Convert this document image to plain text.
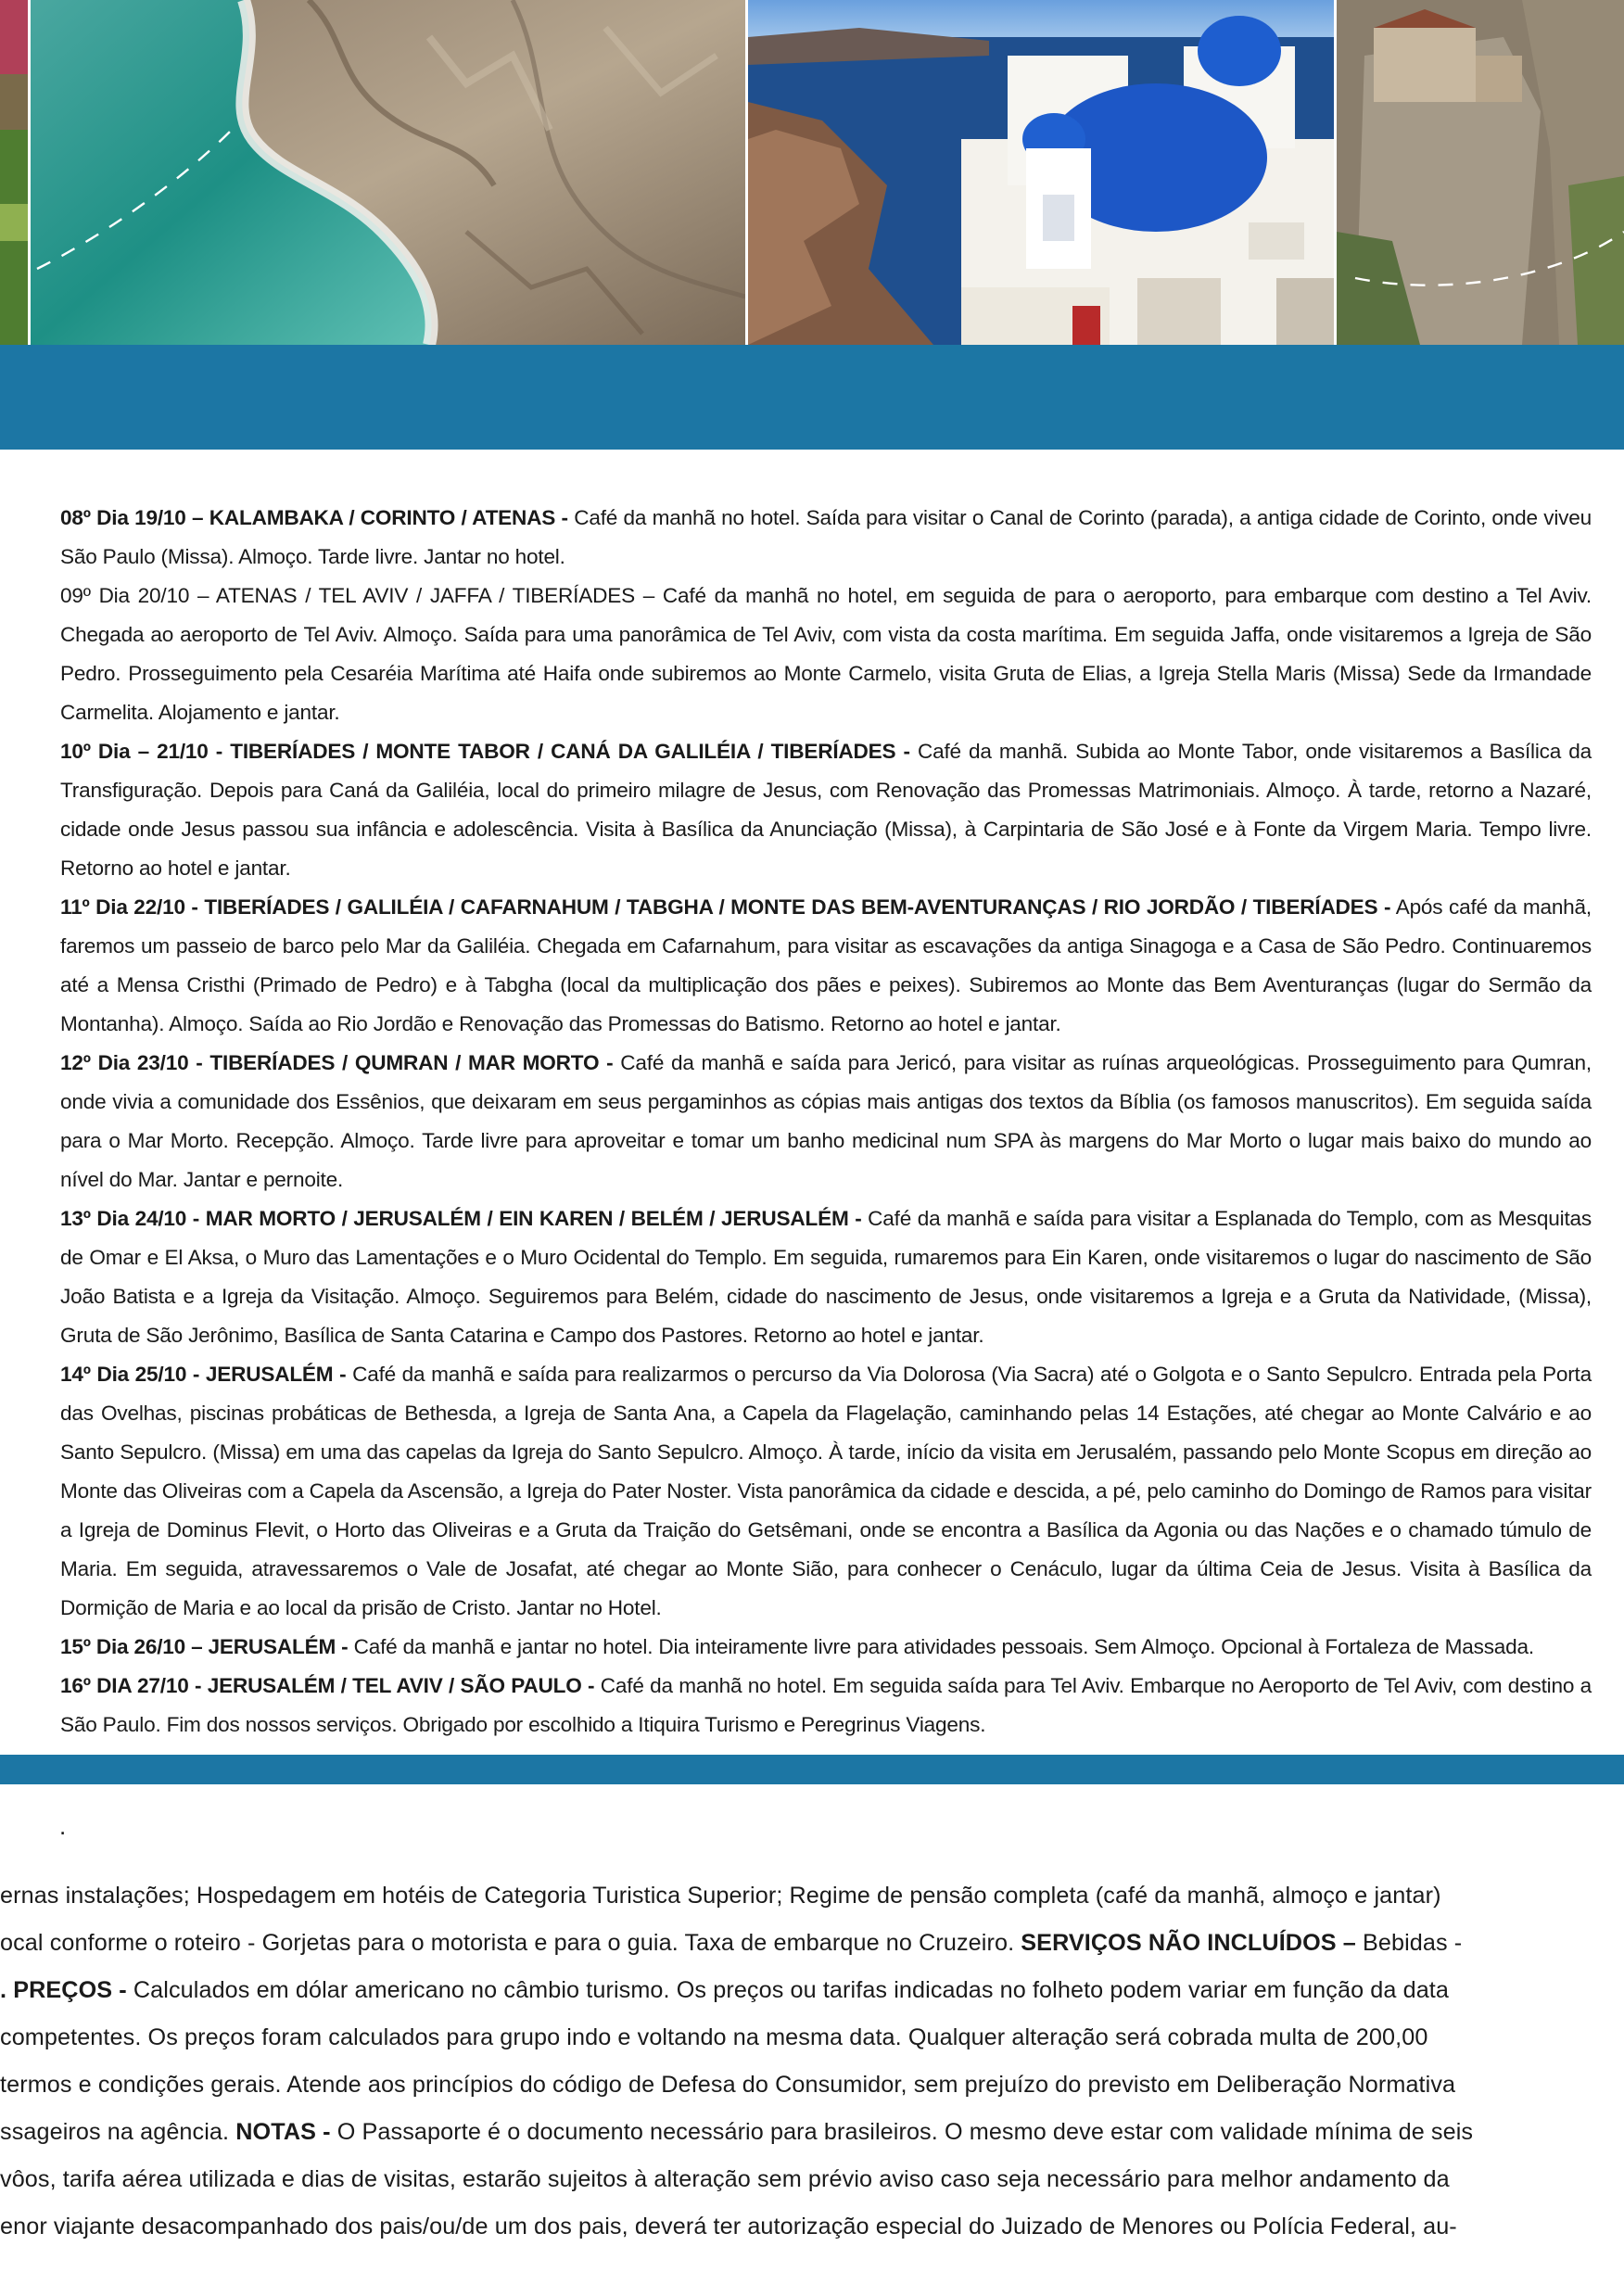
08º Dia 19/10 – KALAMBAKA / CORINTO / ATENAS - Café da manhã no hotel. Saída para visitar o Canal de Corinto (parada), a antiga cidade de Corinto, onde viveu São Paulo (Missa). Almoço. Tarde livre. Jantar no hotel.

09º Dia 20/10 – ATENAS / TEL AVIV / JAFFA / TIBERÍADES – Café da manhã no hotel, em seguida de para o aeroporto, para embarque com destino a Tel Aviv. Chegada ao aeroporto de Tel Aviv. Almoço. Saída para uma panorâmica de Tel Aviv, com vista da costa marítima. Em seguida Jaffa, onde visitaremos a Igreja de São Pedro. Prosseguimento pela Cesaréia Marítima até Haifa onde subiremos ao Monte Carmelo, visita Gruta de Elias, a Igreja Stella Maris (Missa) Sede da Irmandade Carmelita. Alojamento e jantar.

10º Dia – 21/10 - TIBERÍADES / MONTE TABOR / CANÁ DA GALILÉIA / TIBERÍADES - Café da manhã. Subida ao Monte Tabor, onde visitaremos a Basílica da Transfiguração. Depois para Caná da Galiléia, local do primeiro milagre de Jesus, com Renovação das Promessas Matrimoniais. Almoço. À tarde, retorno a Nazaré, cidade onde Jesus passou sua infância e adolescência. Visita à Basílica da Anunciação (Missa), à Carpintaria de São José e à Fonte da Virgem Maria. Tempo livre. Retorno ao hotel e jantar.

11º Dia 22/10 - TIBERÍADES / GALILÉIA / CAFARNAHUM / TABGHA / MONTE DAS BEM-AVENTURANÇAS / RIO JORDÃO / TIBERÍADES - Após café da manhã, faremos um passeio de barco pelo Mar da Galiléia. Chegada em Cafarnahum, para visitar as escavações da antiga Sinagoga e a Casa de São Pedro. Continuaremos até a Mensa Cristhi (Primado de Pedro) e à Tabgha (local da multiplicação dos pães e peixes). Subiremos ao Monte das Bem Aventuranças (lugar do Sermão da Montanha). Almoço. Saída ao Rio Jordão e Renovação das Promessas do Batismo. Retorno ao hotel e jantar.

12º Dia 23/10 - TIBERÍADES / QUMRAN / MAR MORTO - Café da manhã e saída para Jericó, para visitar as ruínas arqueológicas. Prosseguimento para Qumran, onde vivia a comunidade dos Essênios, que deixaram em seus pergaminhos as cópias mais antigas dos textos da Bíblia (os famosos manuscritos). Em seguida saída para o Mar Morto. Recepção. Almoço. Tarde livre para aproveitar e tomar um banho medicinal num SPA às margens do Mar Morto o lugar mais baixo do mundo ao nível do Mar. Jantar e pernoite.

13º Dia 24/10 - MAR MORTO / JERUSALÉM / EIN KAREN / BELÉM / JERUSALÉM - Café da manhã e saída para visitar a Esplanada do Templo, com as Mesquitas de Omar e El Aksa, o Muro das Lamentações e o Muro Ocidental do Templo. Em seguida, rumaremos para Ein Karen, onde visitaremos o lugar do nascimento de São João Batista e a Igreja da Visitação. Almoço. Seguiremos para Belém, cidade do nascimento de Jesus, onde visitaremos a Igreja e a Gruta da Natividade, (Missa), Gruta de São Jerônimo, Basílica de Santa Catarina e Campo dos Pastores. Retorno ao hotel e jantar.

14º Dia 25/10 - JERUSALÉM - Café da manhã e saída para realizarmos o percurso da Via Dolorosa (Via Sacra) até o Golgota e o Santo Sepulcro. Entrada pela Porta das Ovelhas, piscinas probáticas de Bethesda, a Igreja de Santa Ana, a Capela da Flagelação, caminhando pelas 14 Estações, até chegar ao Monte Calvário e ao Santo Sepulcro. (Missa) em uma das capelas da Igreja do Santo Sepulcro. Almoço. À tarde, início da visita em Jerusalém, passando pelo Monte Scopus em direção ao Monte das Oliveiras com a Capela da Ascensão, a Igreja do Pater Noster. Vista panorâmica da cidade e descida, a pé, pelo caminho do Domingo de Ramos para visitar a Igreja de Dominus Flevit, o Horto das Oliveiras e a Gruta da Traição do Getsêmani, onde se encontra a Basílica da Agonia ou das Nações e o chamado túmulo de Maria. Em seguida, atravessaremos o Vale de Josafat, até chegar ao Monte Sião, para conhecer o Cenáculo, lugar da última Ceia de Jesus. Visita à Basílica da Dormição de Maria e ao local da prisão de Cristo. Jantar no Hotel.

15º Dia 26/10 – JERUSALÉM - Café da manhã e jantar no hotel. Dia inteiramente livre para atividades pessoais. Sem Almoço. Opcional à Fortaleza de Massada.

16º DIA 27/10 - JERUSALÉM / TEL AVIV / SÃO PAULO - Café da manhã no hotel. Em seguida saída para Tel Aviv. Embarque no Aeroporto de Tel Aviv, com destino a São Paulo. Fim dos nossos serviços. Obrigado por escolhido a Itiquira Turismo e Peregrinus Viagens.

.
ernas instalações; Hospedagem em hotéis de Categoria Turistica Superior; Regime de pensão completa (café da manhã, almoço e jantar)
ocal conforme o roteiro - Gorjetas para o motorista e para o guia. Taxa de embarque no Cruzeiro. SERVIÇOS NÃO INCLUÍDOS – Bebidas -
. PREÇOS - Calculados em dólar americano no câmbio turismo. Os preços ou tarifas indicadas no folheto podem variar em função da data
competentes. Os preços foram calculados para grupo indo e voltando na mesma data. Qualquer alteração será cobrada multa de 200,00
termos e condições gerais. Atende aos princípios do código de Defesa do Consumidor, sem prejuízo do previsto em Deliberação Normativa
ssageiros na agência. NOTAS - O Passaporte é o documento necessário para brasileiros. O mesmo deve estar com validade mínima de seis
vôos, tarifa aérea utilizada e dias de visitas, estarão sujeitos à alteração sem prévio aviso caso seja necessário para melhor andamento da
enor viajante desacompanhado dos pais/ou/de um dos pais, deverá ter autorização especial do Juizado de Menores ou Polícia Federal, au-
